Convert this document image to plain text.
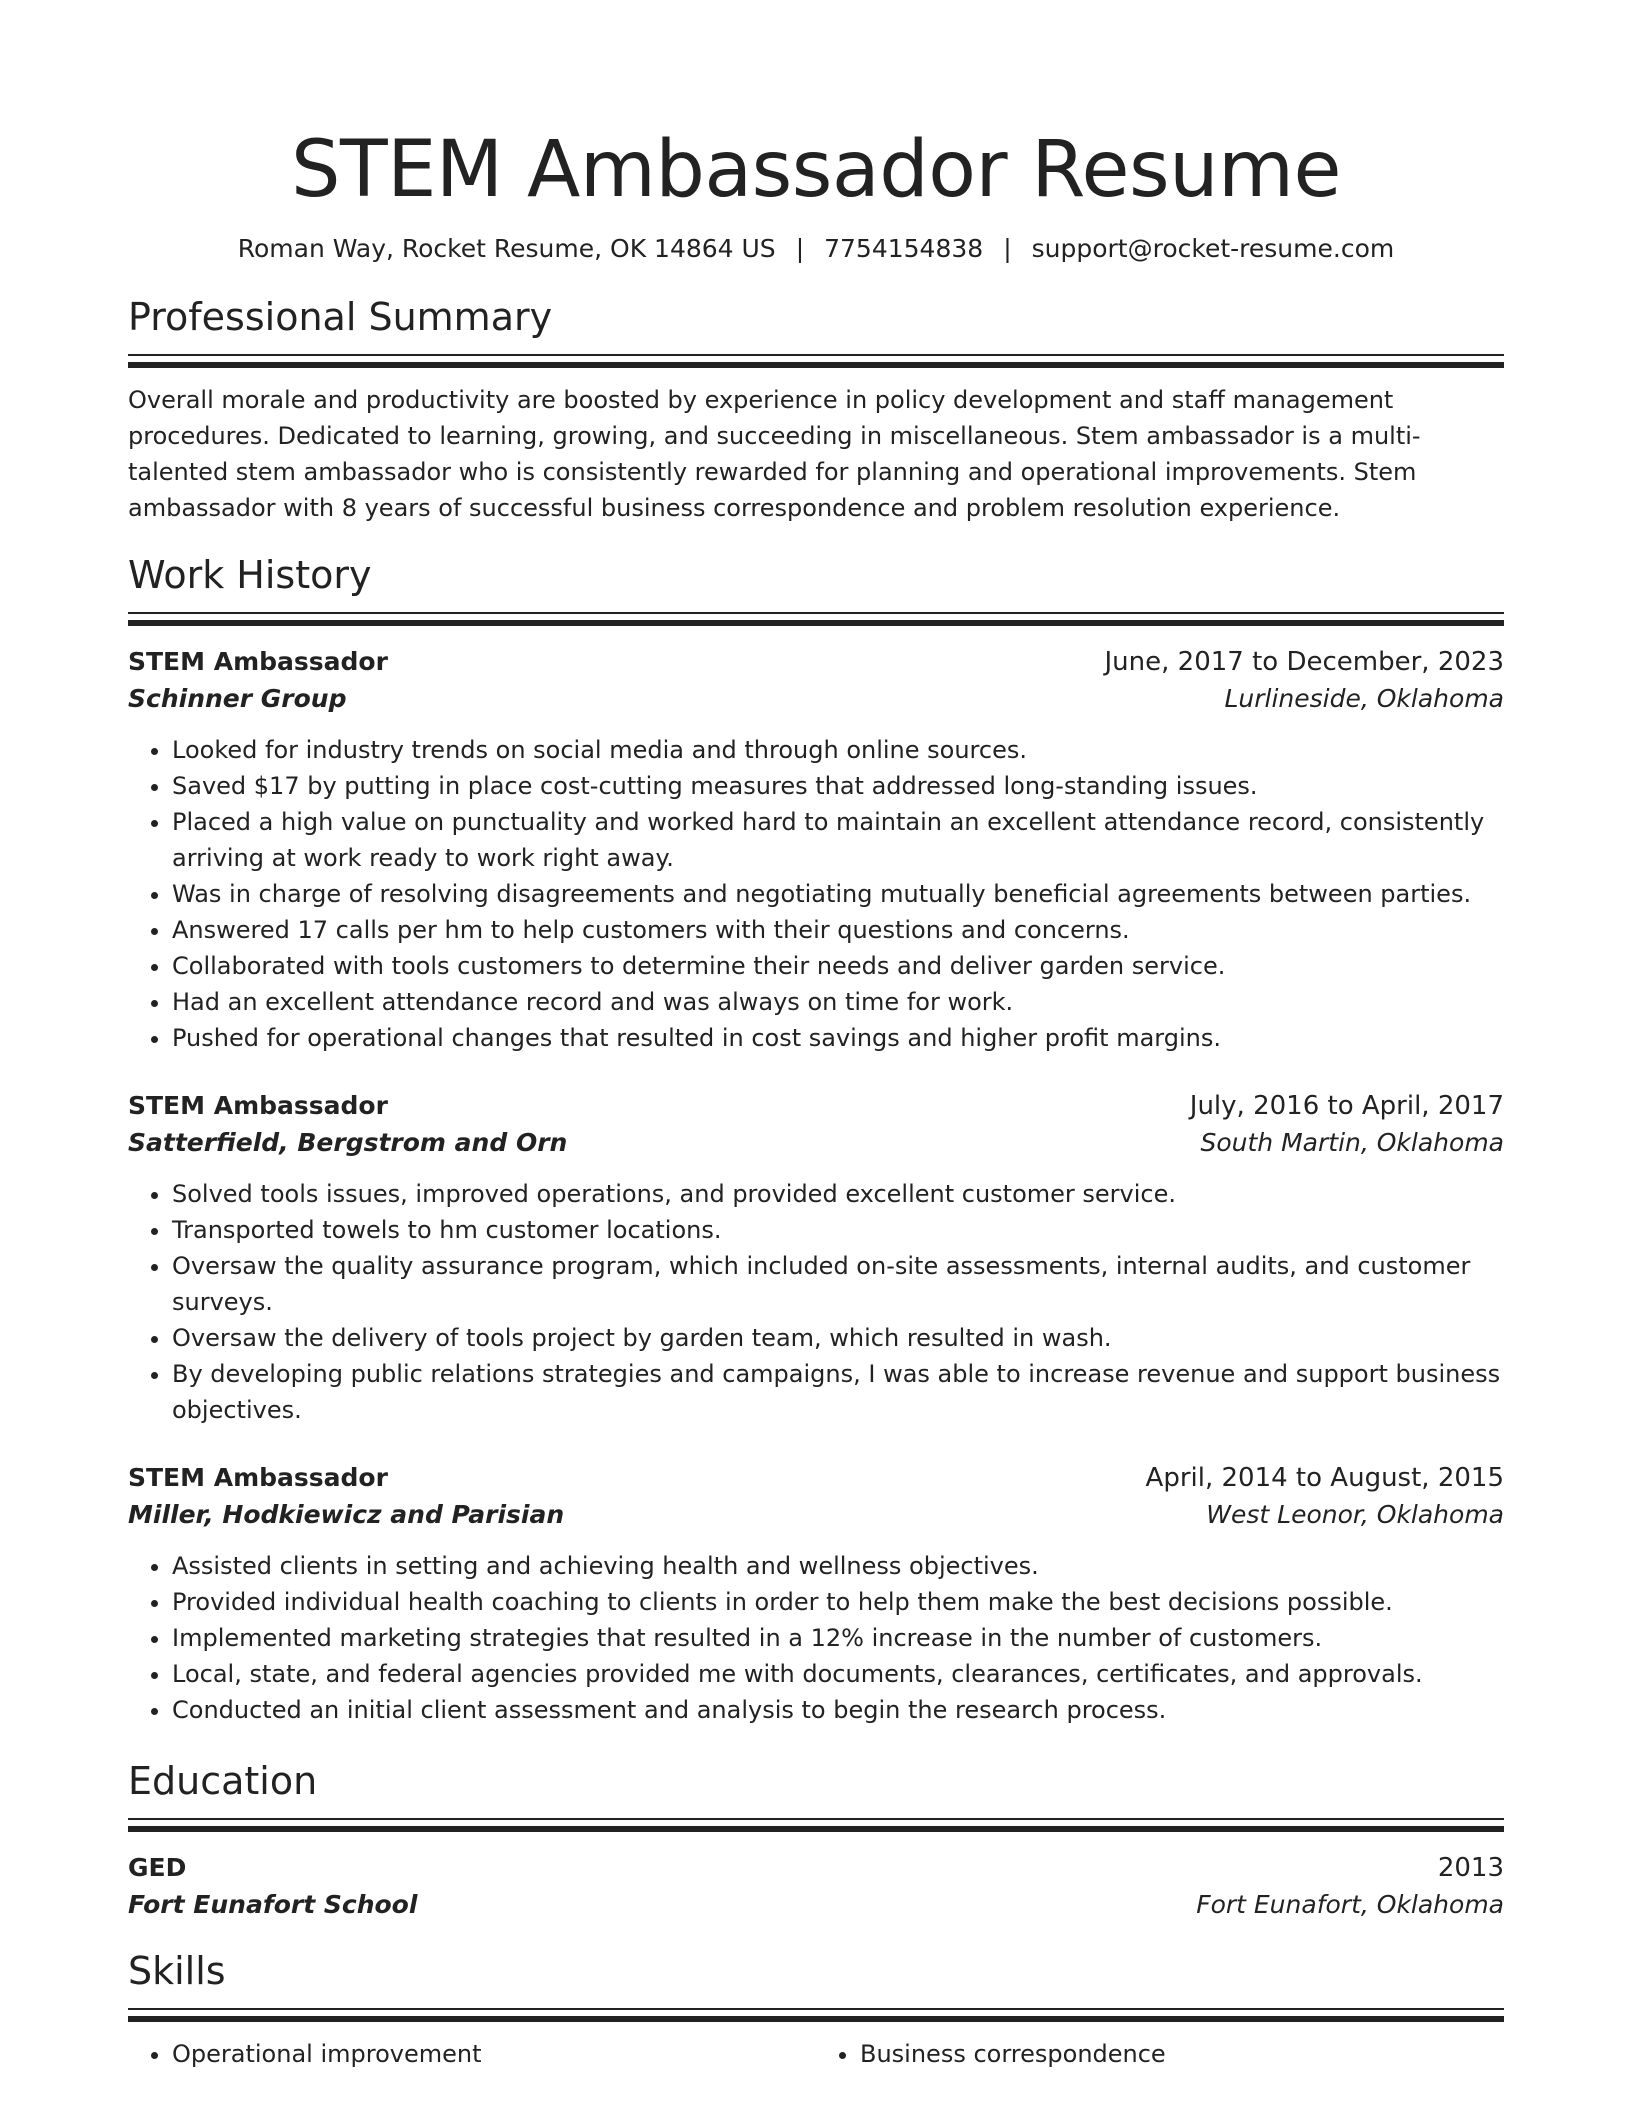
STEM Ambassador Resume
Roman Way, Rocket Resume, OK 14864 US | 7754154838 | support@rocket-resume.com
Professional Summary

Overall morale and productivity are boosted by experience in policy development and staff management procedures. Dedicated to learning, growing, and succeeding in miscellaneous. Stem ambassador is a multi-talented stem ambassador who is consistently rewarded for planning and operational improvements. Stem ambassador with 8 years of successful business correspondence and problem resolution experience.

Work History
STEM Ambassador	June, 2017 to December, 2023
Schinner Group	Lurlineside, Oklahoma
• Looked for industry trends on social media and through online sources.
• Saved $17 by putting in place cost-cutting measures that addressed long-standing issues.
• Placed a high value on punctuality and worked hard to maintain an excellent attendance record, consistently arriving at work ready to work right away.
• Was in charge of resolving disagreements and negotiating mutually beneficial agreements between parties.
• Answered 17 calls per hm to help customers with their questions and concerns.
• Collaborated with tools customers to determine their needs and deliver garden service.
• Had an excellent attendance record and was always on time for work.
• Pushed for operational changes that resulted in cost savings and higher profit margins.
STEM Ambassador	July, 2016 to April, 2017
Satterfield, Bergstrom and Orn	South Martin, Oklahoma
• Solved tools issues, improved operations, and provided excellent customer service.
• Transported towels to hm customer locations.
• Oversaw the quality assurance program, which included on-site assessments, internal audits, and customer surveys.
• Oversaw the delivery of tools project by garden team, which resulted in wash.
• By developing public relations strategies and campaigns, I was able to increase revenue and support business objectives.
STEM Ambassador	April, 2014 to August, 2015
Miller, Hodkiewicz and Parisian	West Leonor, Oklahoma
• Assisted clients in setting and achieving health and wellness objectives.
• Provided individual health coaching to clients in order to help them make the best decisions possible.
• Implemented marketing strategies that resulted in a 12% increase in the number of customers.
• Local, state, and federal agencies provided me with documents, clearances, certificates, and approvals.
• Conducted an initial client assessment and analysis to begin the research process.
Education
GED	2013
Fort Eunafort School	Fort Eunafort, Oklahoma
Skills
• Operational improvement
•	Business correspondence
